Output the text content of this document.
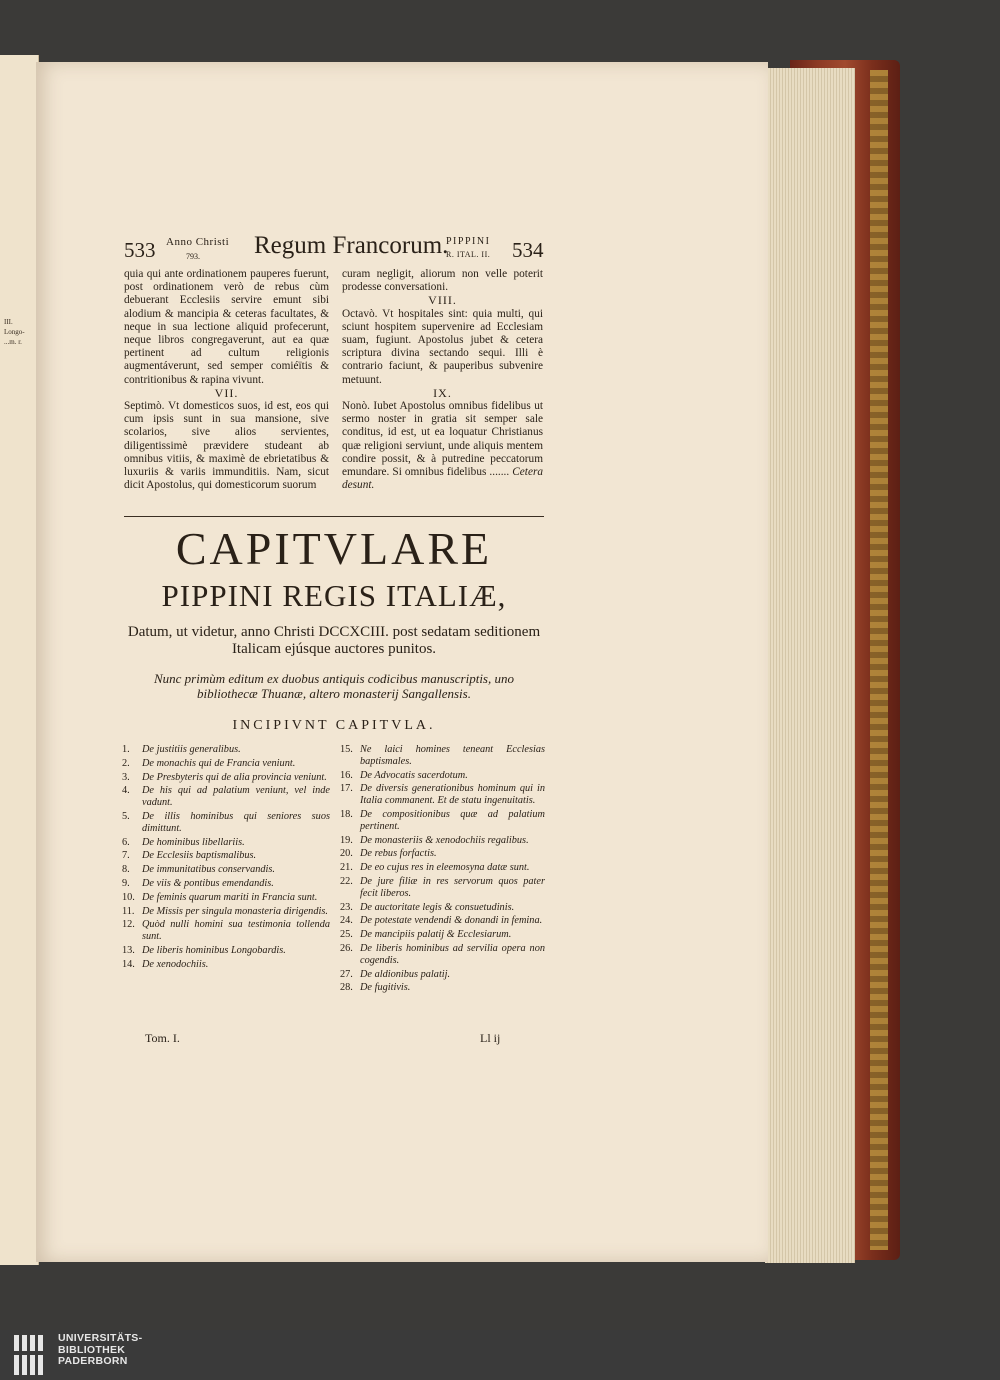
III.
Longo-
...m. r.
533 Anno Christi
793. Regum Francorum.
PIPPINI
R. ITAL. II. 534

quia qui ante ordinationem pauperes fuerunt, post ordinationem verò de rebus cùm debuerant Ecclesiis servire emunt sibi alodium & mancipia & ceteras facultates, & neque in sua lectione aliquid profecerunt, neque libros congregaverunt, aut ea quæ pertinent ad cultum religionis augmentáverunt, sed semper comiéïtis & contritionibus & rapina vivunt.

VII.

Septimò. Vt domesticos suos, id est, eos qui cum ipsis sunt in sua mansione, sive scolarios, sive alios servientes, diligentissimè prævidere studeant ab omnibus vitiis, & maximè de ebrietatibus & luxuriis & variis immunditiis. Nam, sicut dicit Apostolus, qui domesticorum suorum

curam negligit, aliorum non velle poterit prodesse conversationi.

VIII.

Octavò. Vt hospitales sint: quia multi, qui sciunt hospitem supervenire ad Ecclesiam suam, fugiunt. Apostolus jubet & cetera scriptura divina sectando sequi. Illi è contrario faciunt, & pauperibus subvenire metuunt.

IX.

Nonò. Iubet Apostolus omnibus fidelibus ut sermo noster in gratia sit semper sale conditus, id est, ut ea loquatur Christianus quæ religioni serviunt, unde aliquis mentem condire possit, & à putredine peccatorum emundare. Si omnibus fidelibus ....... Cetera desunt.

CAPITVLARE
PIPPINI REGIS ITALIÆ,
Datum, ut videtur, anno Christi DCCXCIII. post sedatam seditionem Italicam ejúsque auctores punitos.
Nunc primùm editum ex duobus antiquis codicibus manuscriptis, uno bibliothecæ Thuanæ, altero monasterij Sangallensis.
INCIPIVNT CAPITVLA.
1.	De justitiis generalibus.
2.	De monachis qui de Francia veniunt.
3.	De Presbyteris qui de alia provincia veniunt.
4.	De his qui ad palatium veniunt, vel inde vadunt.
5.	De illis hominibus qui seniores suos dimittunt.
6.	De hominibus libellariis.
7.	De Ecclesiis baptismalibus.
8.	De immunitatibus conservandis.
9.	De viis & pontibus emendandis.
10. De feminis quarum mariti in Francia sunt.
11. De Missis per singula monasteria dirigendis.
12. Quòd nulli homini sua testimonia tollenda sunt.
13. De liberis hominibus Longobardis.
14. De xenodochiis.
15. Ne laici homines teneant Ecclesias baptismales.
16. De Advocatis sacerdotum.
17. De diversis generationibus hominum qui in Italia commanent. Et de statu ingenuitatis.
18. De compositionibus quæ ad palatium pertinent.
19. De monasteriis & xenodochiis regalibus.
20. De rebus forfactis.
21. De eo cujus res in eleemosyna datæ sunt.
22. De jure filiæ in res servorum quos pater fecit liberos.
23. De auctoritate legis & consuetudinis.
24. De potestate vendendi & donandi in femina.
25. De mancipiis palatij & Ecclesiarum.
26. De liberis hominibus ad servilia opera non cogendis.
27. De aldionibus palatij.
28. De fugitivis.
Tom. I.	Ll ij
UNIVERSITÄTS-
BIBLIOTHEK
PADERBORN
